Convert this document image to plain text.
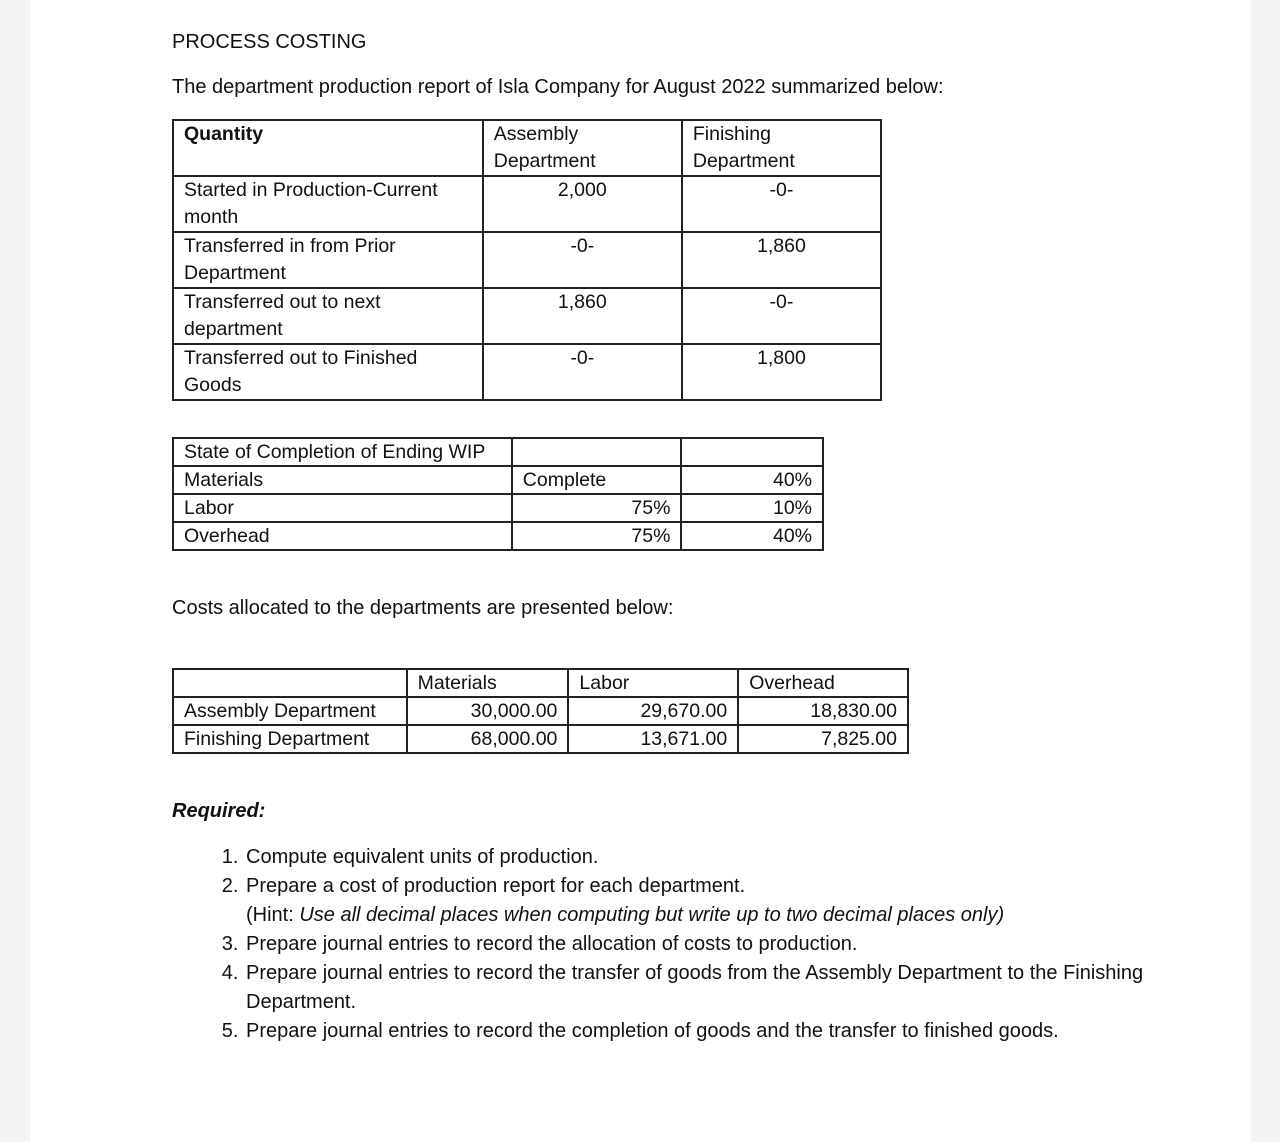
PROCESS COSTING
The department production report of Isla Company for August 2022 summarized below:
Quantity	Assembly Department	Finishing Department
Started in Production-Current month	2,000	-0-
Transferred in from Prior Department	-0-	1,860
Transferred out to next department	1,860	-0-
Transferred out to Finished Goods	-0-	1,800
State of Completion of Ending WIP		
Materials	Complete	40%
Labor	75%	10%
Overhead	75%	40%
Costs allocated to the departments are presented below:
	Materials	Labor	Overhead
Assembly Department	30,000.00	29,670.00	18,830.00
Finishing Department	68,000.00	13,671.00	7,825.00
Required:
1. Compute equivalent units of production.
2. Prepare a cost of production report for each department.
(Hint: Use all decimal places when computing but write up to two decimal places only)
3. Prepare journal entries to record the allocation of costs to production.
4. Prepare journal entries to record the transfer of goods from the Assembly Department to the Finishing Department.
5. Prepare journal entries to record the completion of goods and the transfer to finished goods.
